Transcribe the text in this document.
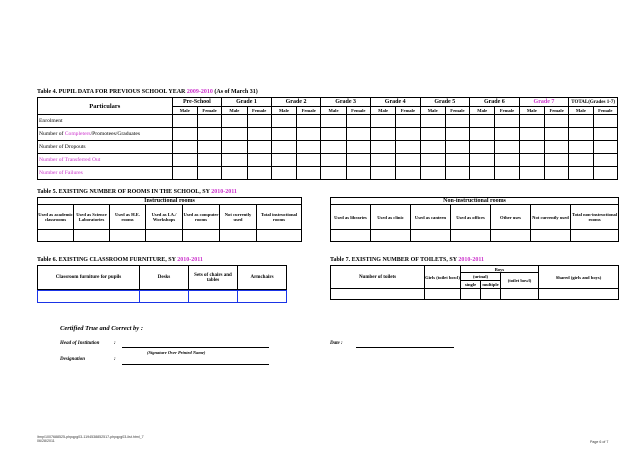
Table 4. PUPIL DATA FOR PREVIOUS SCHOOL YEAR 2009-2010 (As of March 31)
Particulars	Pre-School		Grade 1		Grade 2		Grade 3		Grade 4		Grade 5		Grade 6		Grade 7		TOTAL(Grades 1-7)	
	Male	Female	Male	Female	Male	Female	Male	Female	Male	Female	Male	Female	Male	Female	Male	Female	Male	Female
Enrolment																		
Number of Completers/Promotees/Graduates																		
Number of Dropouts																		
Number of Transferred Out																		
Number of Failures																		
Table 5. EXISTING NUMBER OF ROOMS IN THE SCHOOL, SY 2010-2011
Instructional rooms						
Used as academic classrooms	Used as Science Laboratories	Used as H.E. rooms	Used as I.A./ Workshops	Used as computer rooms	Not currently used	Total instructional rooms

Non-instructional rooms						
Used as libraries	Used as clinic	Used as canteen	Used as offices	Other uses	Not currently used	Total non-instructional rooms

Table 6. EXISTING CLASSROOM FURNITURE, SY 2010-2011
Classroom furniture for pupils	Desks	Sets of chairs and tables	Armchairs

Table 7. EXISTING NUMBER OF TOILETS, SY 2010-2011
Number of toilets	Girls (toilet bowl)	Boys			Shared (girls and boys)
		(urinal)		(toilet bowl)	
		single	multiple		

Certified True and Correct by :
Head of Institution	:
(Signature Over Printed Name)
Designation	:
Date :
/tmp/1007688525-phpqpg03-1194538852517-phpqpg03-list.html_7
06/28/2011	Page 6 of 7
